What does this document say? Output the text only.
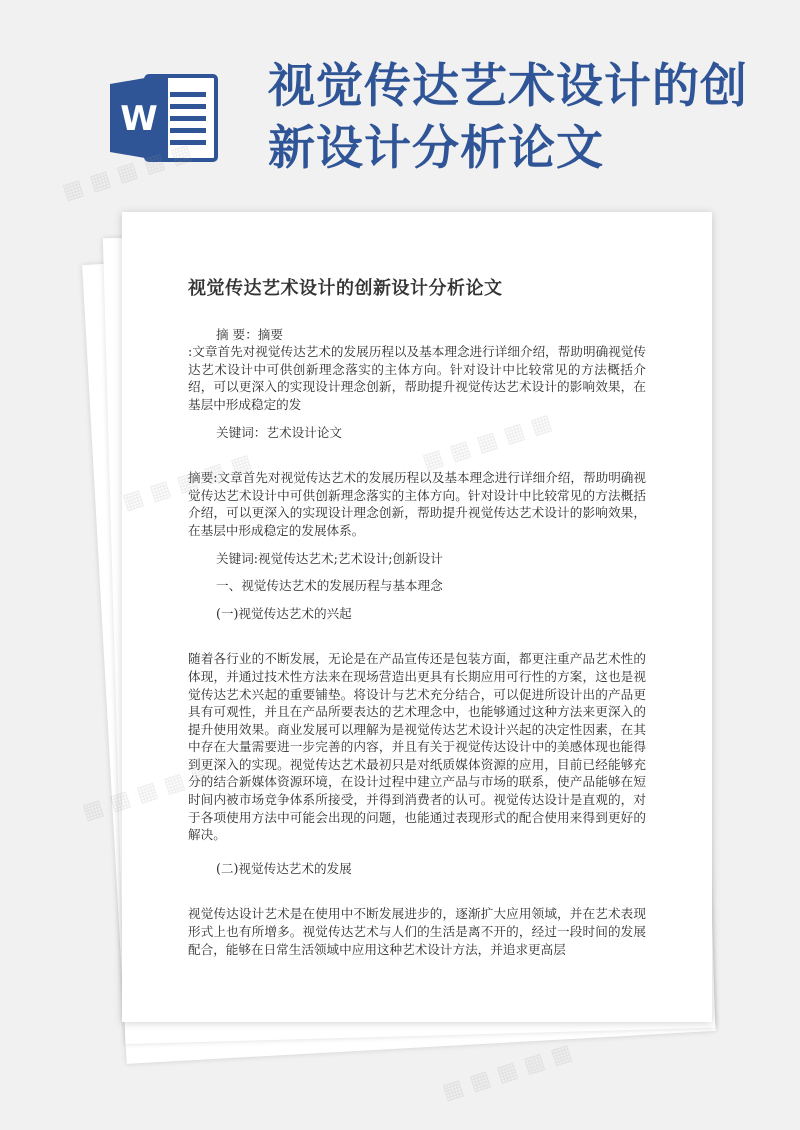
W
视觉传达艺术设计的创新设计分析论文
视觉传达艺术设计的创新设计分析论文

摘 要：摘要

:文章首先对视觉传达艺术的发展历程以及基本理念进行详细介绍，帮助明确视觉传达艺术设计中可供创新理念落实的主体方向。针对设计中比较常见的方法概括介绍，可以更深入的实现设计理念创新，帮助提升视觉传达艺术设计的影响效果，在基层中形成稳定的发

关键词：艺术设计论文

摘要:文章首先对视觉传达艺术的发展历程以及基本理念进行详细介绍，帮助明确视觉传达艺术设计中可供创新理念落实的主体方向。针对设计中比较常见的方法概括介绍，可以更深入的实现设计理念创新，帮助提升视觉传达艺术设计的影响效果，在基层中形成稳定的发展体系。

关键词:视觉传达艺术;艺术设计;创新设计

一、视觉传达艺术的发展历程与基本理念

(一)视觉传达艺术的兴起

随着各行业的不断发展，无论是在产品宣传还是包装方面，都更注重产品艺术性的体现，并通过技术性方法来在现场营造出更具有长期应用可行性的方案，这也是视觉传达艺术兴起的重要铺垫。将设计与艺术充分结合，可以促进所设计出的产品更具有可观性，并且在产品所要表达的艺术理念中，也能够通过这种方法来更深入的提升使用效果。商业发展可以理解为是视觉传达艺术设计兴起的决定性因素，在其中存在大量需要进一步完善的内容，并且有关于视觉传达设计中的美感体现也能得到更深入的实现。视觉传达艺术最初只是对纸质媒体资源的应用，目前已经能够充分的结合新媒体资源环境，在设计过程中建立产品与市场的联系，使产品能够在短时间内被市场竞争体系所接受，并得到消费者的认可。视觉传达设计是直观的，对于各项使用方法中可能会出现的问题，也能通过表现形式的配合使用来得到更好的解决。

(二)视觉传达艺术的发展

视觉传达设计艺术是在使用中不断发展进步的，逐渐扩大应用领域，并在艺术表现形式上也有所增多。视觉传达艺术与人们的生活是离不开的，经过一段时间的发展配合，能够在日常生活领域中应用这种艺术设计方法，并追求更高层

▦ ▦ ▦ ▦ ▦
▦
▦ ▦ ▦ ▦ ▦
